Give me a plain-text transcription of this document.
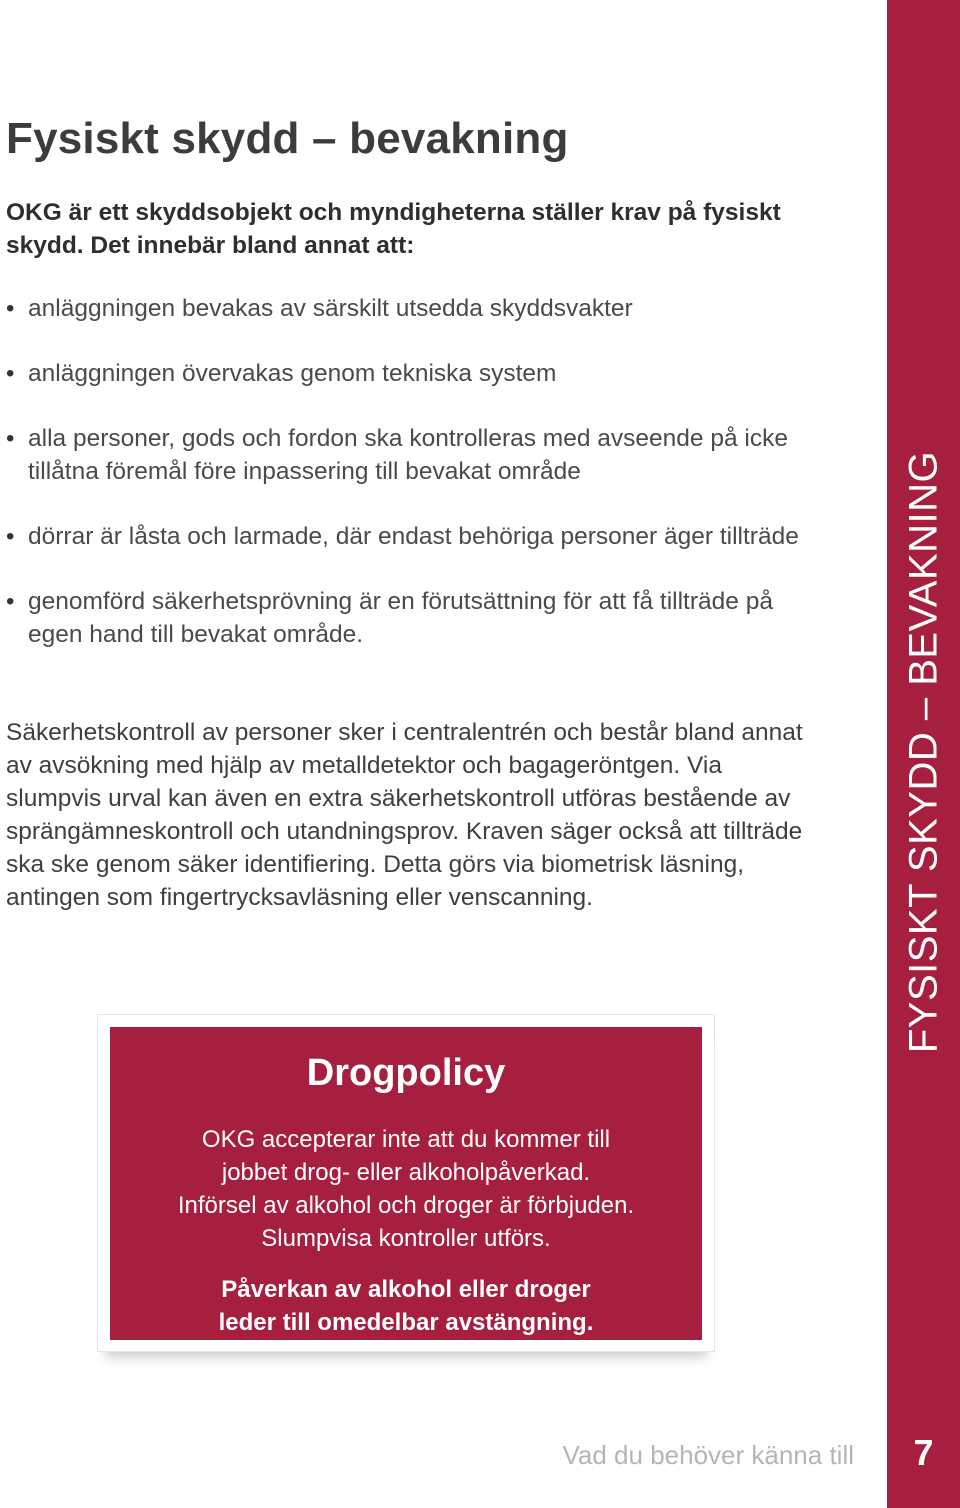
Fysiskt skydd – bevakning

OKG är ett skyddsobjekt och myndigheterna ställer krav på fysiskt skydd. Det innebär bland annat att:

• anläggningen bevakas av särskilt utsedda skyddsvakter
• anläggningen övervakas genom tekniska system
• alla personer, gods och fordon ska kontrolleras med avseende på icke tillåtna föremål före inpassering till bevakat område
• dörrar är låsta och larmade, där endast behöriga personer äger tillträde
• genomförd säkerhetsprövning är en förutsättning för att få tillträde på egen hand till bevakat område.

Säkerhetskontroll av personer sker i centralentrén och består bland annat av avsökning med hjälp av metalldetektor och bagageröntgen. Via slumpvis urval kan även en extra säkerhetskontroll utföras bestående av sprängämneskontroll och utandningsprov. Kraven säger också att tillträde ska ske genom säker identifiering. Detta görs via biometrisk läsning, antingen som fingertrycksavläsning eller venscanning.

Drogpolicy

OKG accepterar inte att du kommer till
jobbet drog- eller alkoholpåverkad.
Införsel av alkohol och droger är förbjuden.
Slumpvisa kontroller utförs.

Påverkan av alkohol eller droger
leder till omedelbar avstängning.

FYSISKT SKYDD – BEVAKNING
7
Vad du behöver känna till
